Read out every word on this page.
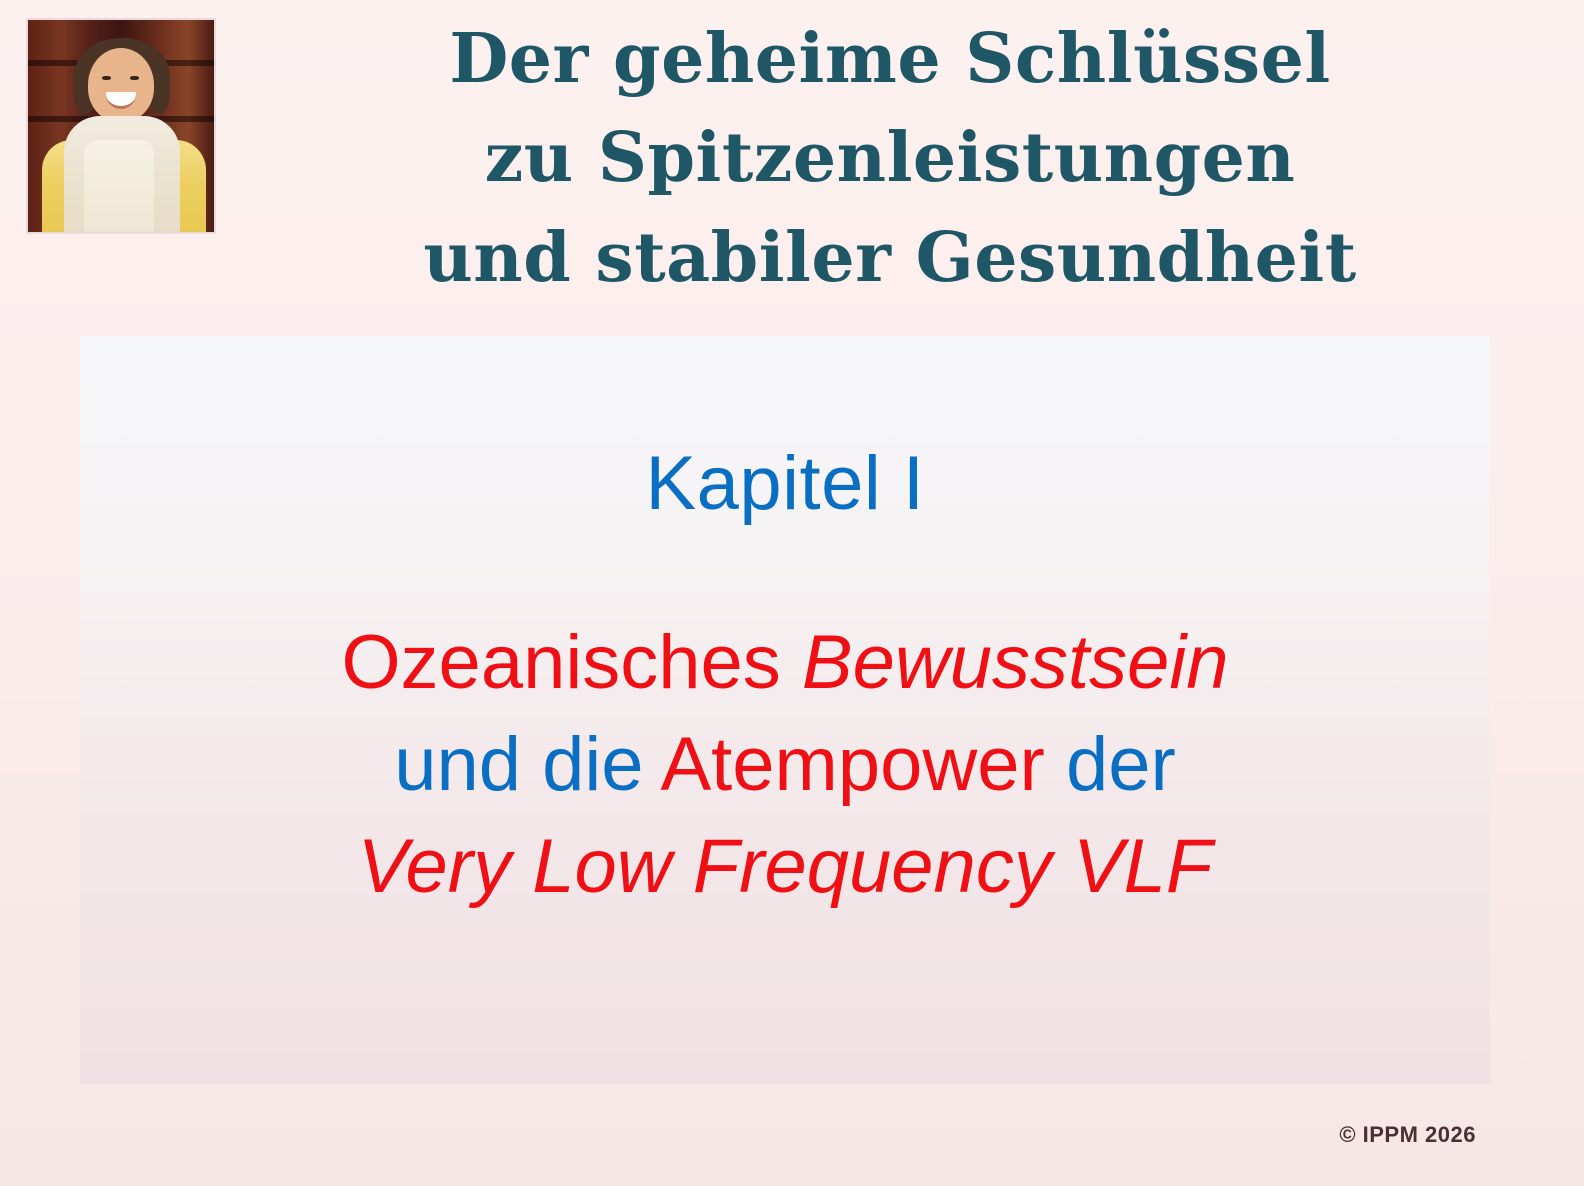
Der geheime Schlüssel
zu Spitzenleistungen
und stabiler Gesundheit
Kapitel I
Ozeanisches Bewusstsein
und die Atempower der
Very Low Frequency VLF
© IPPM 2026
